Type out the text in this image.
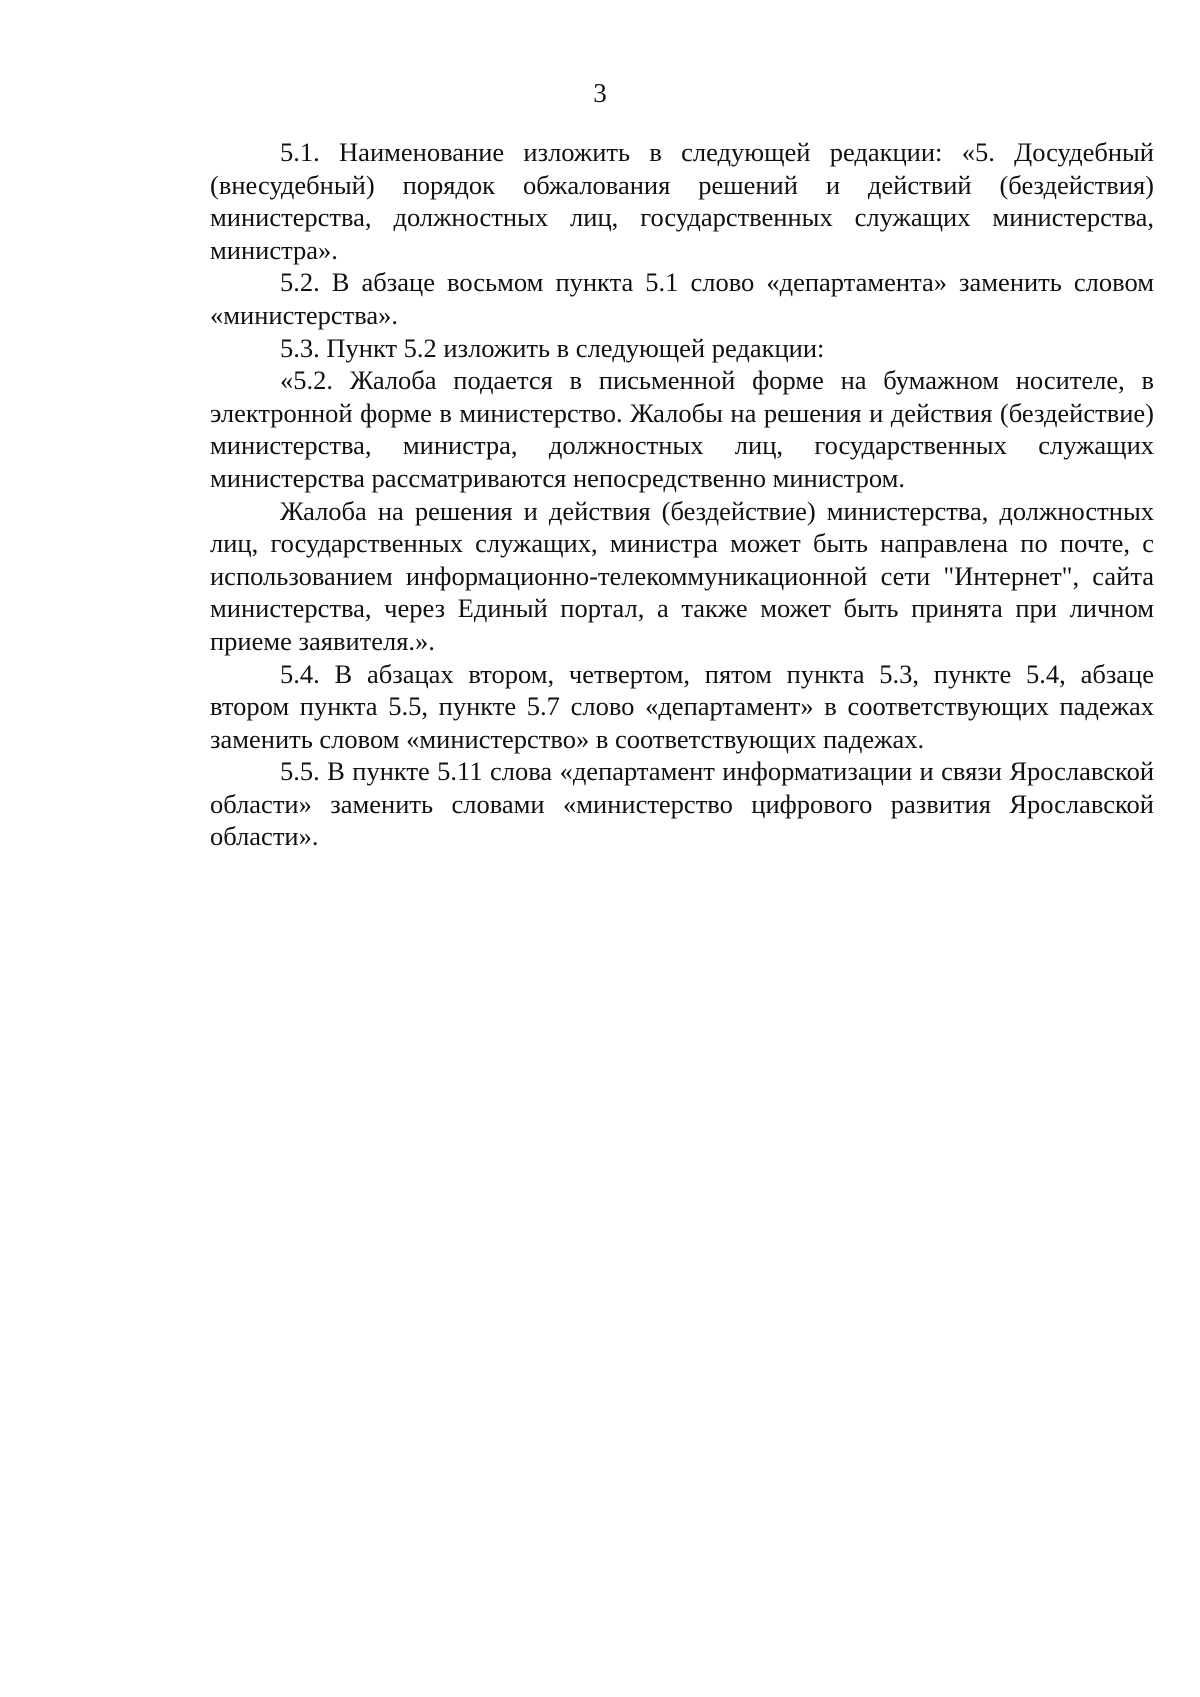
3

5.1. Наименование изложить в следующей редакции: «5. Досудебный (внесудебный) порядок обжалования решений и действий (бездействия) министерства, должностных лиц, государственных служащих министерства, министра».

5.2. В абзаце восьмом пункта 5.1 слово «департамента» заменить словом «министерства».

5.3. Пункт 5.2 изложить в следующей редакции:

«5.2. Жалоба подается в письменной форме на бумажном носителе, в электронной форме в министерство. Жалобы на решения и действия (бездействие) министерства, министра, должностных лиц, государственных служащих министерства рассматриваются непосредственно министром.

Жалоба на решения и действия (бездействие) министерства, должностных лиц, государственных служащих, министра может быть направлена по почте, с использованием информационно-телекоммуникационной сети "Интернет", сайта министерства, через Единый портал, а также может быть принята при личном приеме заявителя.».

5.4. В абзацах втором, четвертом, пятом пункта 5.3, пункте 5.4, абзаце втором пункта 5.5, пункте 5.7 слово «департамент» в соответствующих падежах заменить словом «министерство» в соответствующих падежах.

5.5. В пункте 5.11 слова «департамент информатизации и связи Ярославской области» заменить словами «министерство цифрового развития Ярославской области».
